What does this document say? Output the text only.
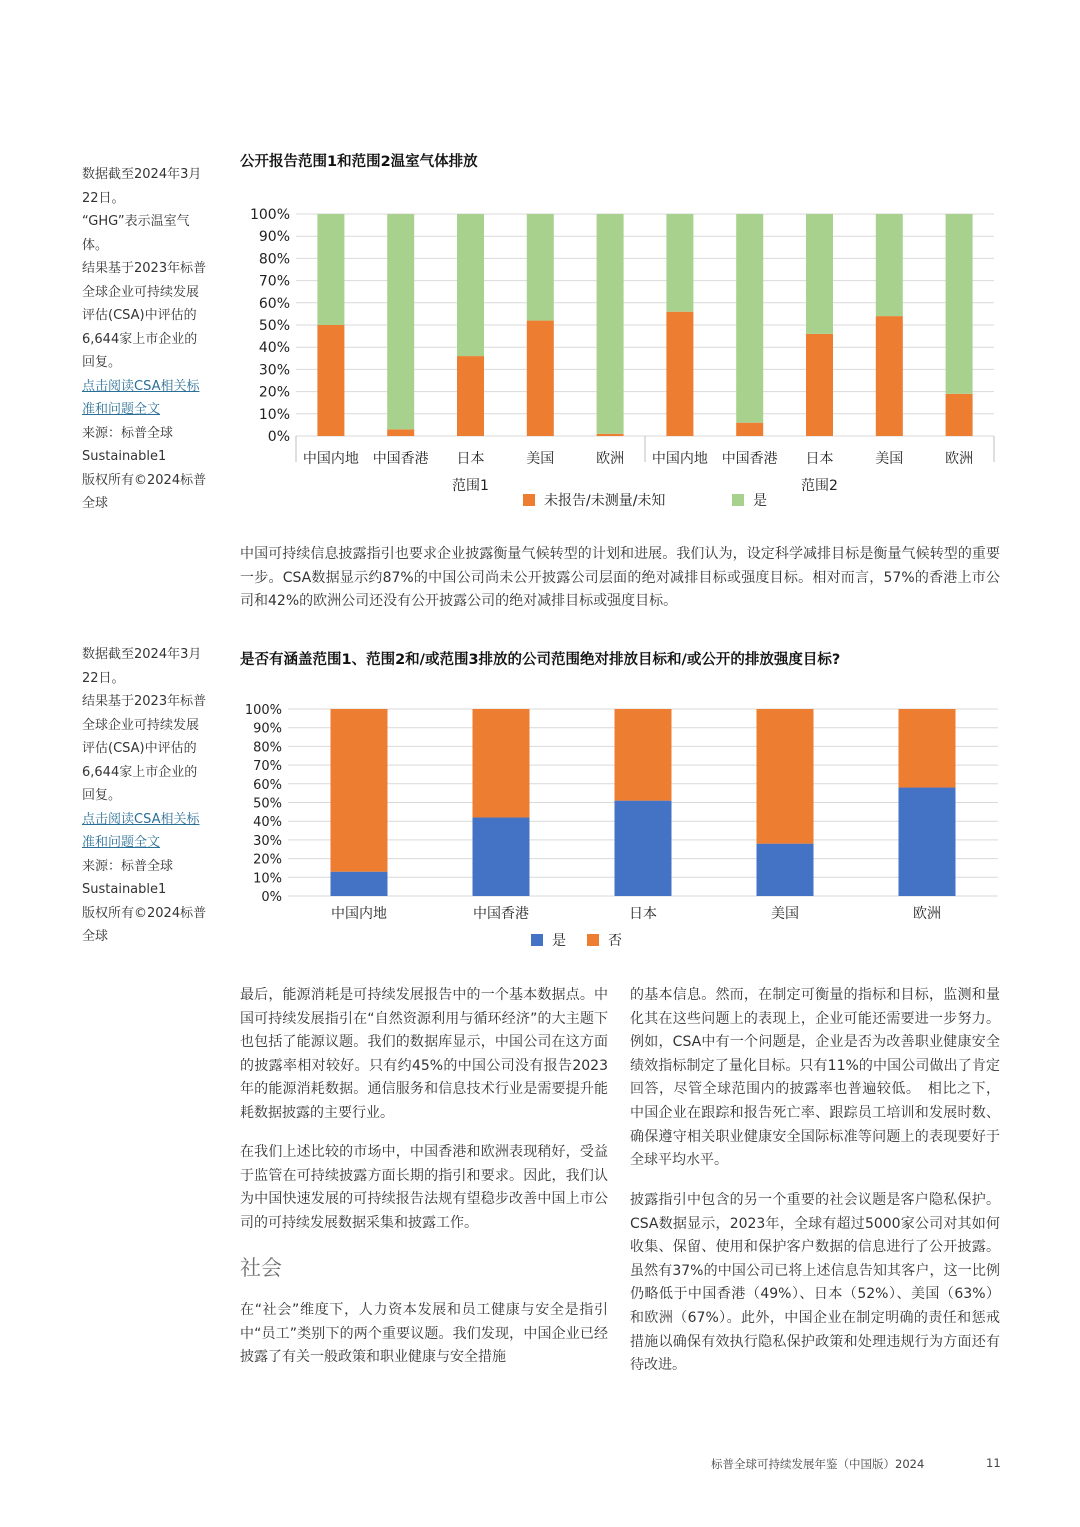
数据截至2024年3月22日。

“GHG”表示温室气体。

结果基于2023年标普全球企业可持续发展评估(CSA)中评估的6,644家上市企业的回复。

点击阅读CSA相关标准和问题全文

来源：标普全球Sustainable1

版权所有©2024标普全球

公开报告范围1和范围2温室气体排放
0%
10%
20%
30%
40%
50%
60%
70%
80%
90%
100%
中国内地 中国香港 日本	美国	欧洲 中国内地 中国香港 日本	美国	欧洲
范围1	范围2
未报告/未测量/未知	是

中国可持续信息披露指引也要求企业披露衡量气候转型的计划和进展。我们认为，设定科学减排目标是衡量气候转型的重要一步。CSA数据显示约87%的中国公司尚未公开披露公司层面的绝对减排目标或强度目标。相对而言，57%的香港上市公司和42%的欧洲公司还没有公开披露公司的绝对减排目标或强度目标。

数据截至2024年3月22日。

结果基于2023年标普全球企业可持续发展评估(CSA)中评估的6,644家上市企业的回复。

点击阅读CSA相关标准和问题全文

来源：标普全球Sustainable1

版权所有©2024标普全球

是否有涵盖范围1、范围2和/或范围3排放的公司范围绝对排放目标和/或公开的排放强度目标?
0%
10%
20%
30%
40%
50%
60%
70%
80%
90%
100%
中国内地	中国香港	日本	美国	欧洲
是	否

最后，能源消耗是可持续发展报告中的一个基本数据点。中国可持续发展指引在“自然资源利用与循环经济”的大主题下也包括了能源议题。我们的数据库显示，中国公司在这方面的披露率相对较好。只有约45%的中国公司没有报告2023年的能源消耗数据。通信服务和信息技术行业是需要提升能耗数据披露的主要行业。

在我们上述比较的市场中，中国香港和欧洲表现稍好，受益于监管在可持续披露方面长期的指引和要求。因此，我们认为中国快速发展的可持续报告法规有望稳步改善中国上市公司的可持续发展数据采集和披露工作。

社会

在“社会”维度下，人力资本发展和员工健康与安全是指引中“员工”类别下的两个重要议题。我们发现，中国企业已经披露了有关一般政策和职业健康与安全措施

的基本信息。然而，在制定可衡量的指标和目标，监测和量化其在这些问题上的表现上，企业可能还需要进一步努力。例如，CSA中有一个问题是，企业是否为改善职业健康安全绩效指标制定了量化目标。只有11%的中国公司做出了肯定回答，尽管全球范围内的披露率也普遍较低。　相比之下，中国企业在跟踪和报告死亡率、跟踪员工培训和发展时数、确保遵守相关职业健康安全国际标准等问题上的表现要好于全球平均水平。

披露指引中包含的另一个重要的社会议题是客户隐私保护。CSA数据显示，2023年，全球有超过5000家公司对其如何收集、保留、使用和保护客户数据的信息进行了公开披露。虽然有37%的中国公司已将上述信息告知其客户，这一比例仍略低于中国香港（49%）、日本（52%）、美国（63%）和欧洲（67%）。此外，中国企业在制定明确的责任和惩戒措施以确保有效执行隐私保护政策和处理违规行为方面还有待改进。

标普全球可持续发展年鉴（中国版）2024	11
